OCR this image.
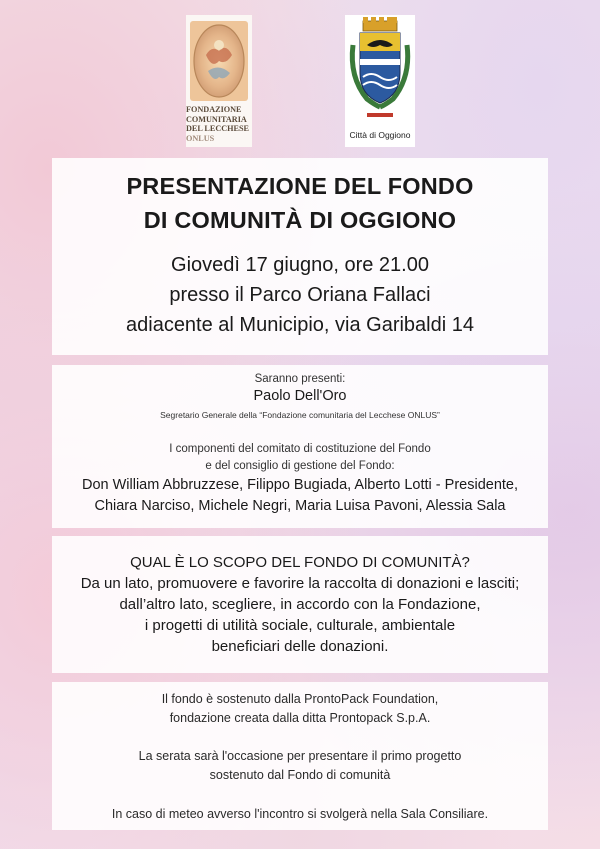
FONDAZIONE
COMUNITARIA
DEL LECCHESE
ONLUS	Città di Oggiono
PRESENTAZIONE DEL FONDO
DI COMUNITÀ DI OGGIONO
Giovedì 17 giugno, ore 21.00
presso il Parco Oriana Fallaci
adiacente al Municipio, via Garibaldi 14
Saranno presenti:
Paolo Dell'Oro
Segretario Generale della “Fondazione comunitaria del Lecchese ONLUS”
I componenti del comitato di costituzione del Fondo
e del consiglio di gestione del Fondo:
Don William Abbruzzese, Filippo Bugiada, Alberto Lotti - Presidente,
Chiara Narciso, Michele Negri, Maria Luisa Pavoni, Alessia Sala
QUAL È LO SCOPO DEL FONDO DI COMUNITÀ?
Da un lato, promuovere e favorire la raccolta di donazioni e lasciti;
dall’altro lato, scegliere, in accordo con la Fondazione,
i progetti di utilità sociale, culturale, ambientale
beneficiari delle donazioni.
Il fondo è sostenuto dalla ProntoPack Foundation,
fondazione creata dalla ditta Prontopack S.p.A.
La serata sarà l'occasione per presentare il primo progetto
sostenuto dal Fondo di comunità
In caso di meteo avverso l'incontro si svolgerà nella Sala Consiliare.
